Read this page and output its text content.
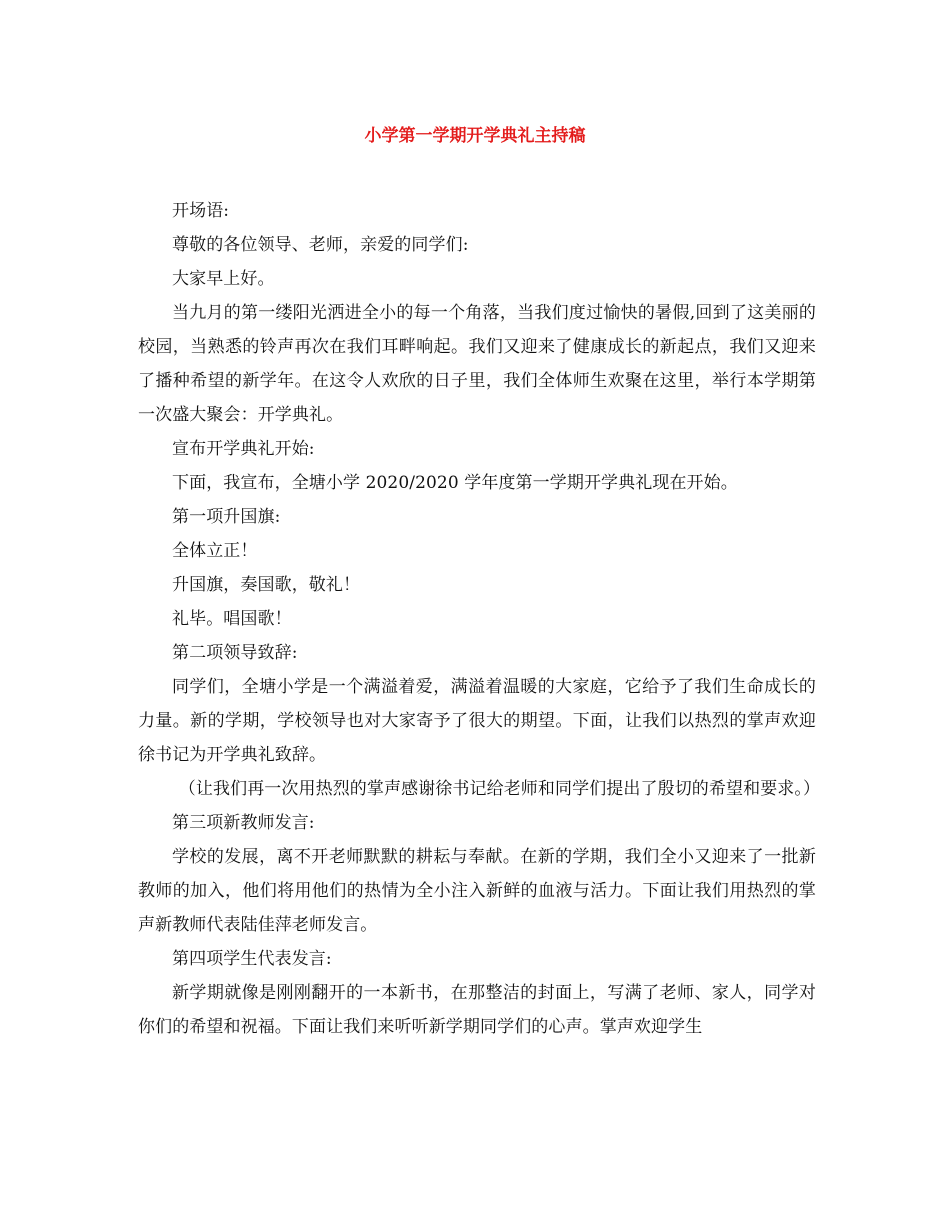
小学第一学期开学典礼主持稿

开场语:

尊敬的各位领导、老师，亲爱的同学们:

大家早上好。

当九月的第一缕阳光洒进全小的每一个角落，当我们度过愉快的暑假,回到了这美丽的校园，当熟悉的铃声再次在我们耳畔响起。我们又迎来了健康成长的新起点，我们又迎来了播种希望的新学年。在这令人欢欣的日子里，我们全体师生欢聚在这里，举行本学期第一次盛大聚会：开学典礼。

宣布开学典礼开始:

下面，我宣布，全塘小学 2020/2020 学年度第一学期开学典礼现在开始。

第一项升国旗:

全体立正！

升国旗，奏国歌，敬礼！

礼毕。唱国歌！

第二项领导致辞:

同学们，全塘小学是一个满溢着爱，满溢着温暖的大家庭，它给予了我们生命成长的力量。新的学期，学校领导也对大家寄予了很大的期望。下面，让我们以热烈的掌声欢迎徐书记为开学典礼致辞。

（让我们再一次用热烈的掌声感谢徐书记给老师和同学们提出了殷切的希望和要求。）

第三项新教师发言:

学校的发展，离不开老师默默的耕耘与奉献。在新的学期，我们全小又迎来了一批新教师的加入，他们将用他们的热情为全小注入新鲜的血液与活力。下面让我们用热烈的掌声新教师代表陆佳萍老师发言。

第四项学生代表发言:

新学期就像是刚刚翻开的一本新书，在那整洁的封面上，写满了老师、家人，同学对你们的希望和祝福。下面让我们来听听新学期同学们的心声。掌声欢迎学生
